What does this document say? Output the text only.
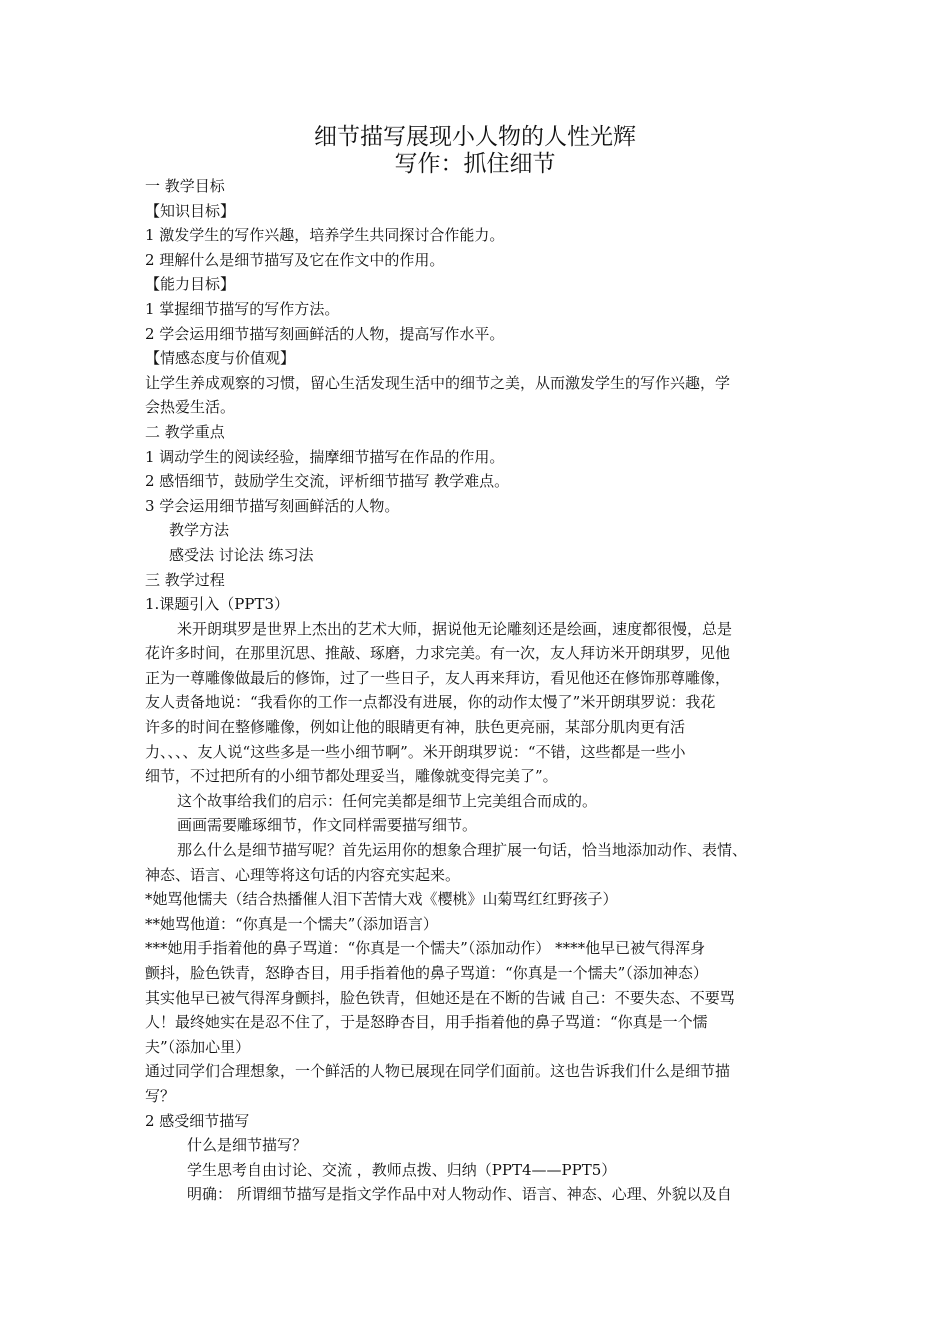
细节描写展现小人物的人性光辉
写作：抓住细节

一 教学目标

【知识目标】

1 激发学生的写作兴趣，培养学生共同探讨合作能力。

2 理解什么是细节描写及它在作文中的作用。

【能力目标】

1 掌握细节描写的写作方法。

2 学会运用细节描写刻画鲜活的人物，提高写作水平。

【情感态度与价值观】

让学生养成观察的习惯，留心生活发现生活中的细节之美，从而激发学生的写作兴趣，学

会热爱生活。

二 教学重点

1 调动学生的阅读经验，揣摩细节描写在作品的作用。

2 感悟细节，鼓励学生交流，评析细节描写 教学难点。

3 学会运用细节描写刻画鲜活的人物。

教学方法

感受法 讨论法 练习法

三 教学过程

1.课题引入（PPT3）

米开朗琪罗是世界上杰出的艺术大师，据说他无论雕刻还是绘画，速度都很慢，总是

花许多时间，在那里沉思、推敲、琢磨，力求完美。有一次，友人拜访米开朗琪罗，见他

正为一尊雕像做最后的修饰，过了一些日子，友人再来拜访，看见他还在修饰那尊雕像，

友人责备地说：“我看你的工作一点都没有进展，你的动作太慢了”米开朗琪罗说：我花

许多的时间在整修雕像，例如让他的眼睛更有神，肤色更亮丽，某部分肌肉更有活

力、、、、友人说“这些多是一些小细节啊”。米开朗琪罗说：“不错，这些都是一些小

细节，不过把所有的小细节都处理妥当，雕像就变得完美了”。

这个故事给我们的启示：任何完美都是细节上完美组合而成的。

画画需要雕琢细节，作文同样需要描写细节。

那么什么是细节描写呢？首先运用你的想象合理扩展一句话，恰当地添加动作、表情、

神态、语言、心理等将这句话的内容充实起来。

*她骂他懦夫（结合热播催人泪下苦情大戏《樱桃》山菊骂红红野孩子）

**她骂他道：“你真是一个懦夫”（添加语言）

***她用手指着他的鼻子骂道：“你真是一个懦夫”（添加动作） ****他早已被气得浑身

颤抖，脸色铁青，怒睁杏目，用手指着他的鼻子骂道：“你真是一个懦夫”（添加神态）

其实他早已被气得浑身颤抖，脸色铁青，但她还是在不断的告诫 自己：不要失态、不要骂

人！最终她实在是忍不住了，于是怒睁杏目，用手指着他的鼻子骂道：“你真是一个懦

夫”（添加心里）

通过同学们合理想象，一个鲜活的人物已展现在同学们面前。这也告诉我们什么是细节描

写？

2 感受细节描写

什么是细节描写？

学生思考自由讨论、交流 ，教师点拨、归纳（PPT4——PPT5）

明确： 所谓细节描写是指文学作品中对人物动作、语言、神态、心理、外貌以及自
